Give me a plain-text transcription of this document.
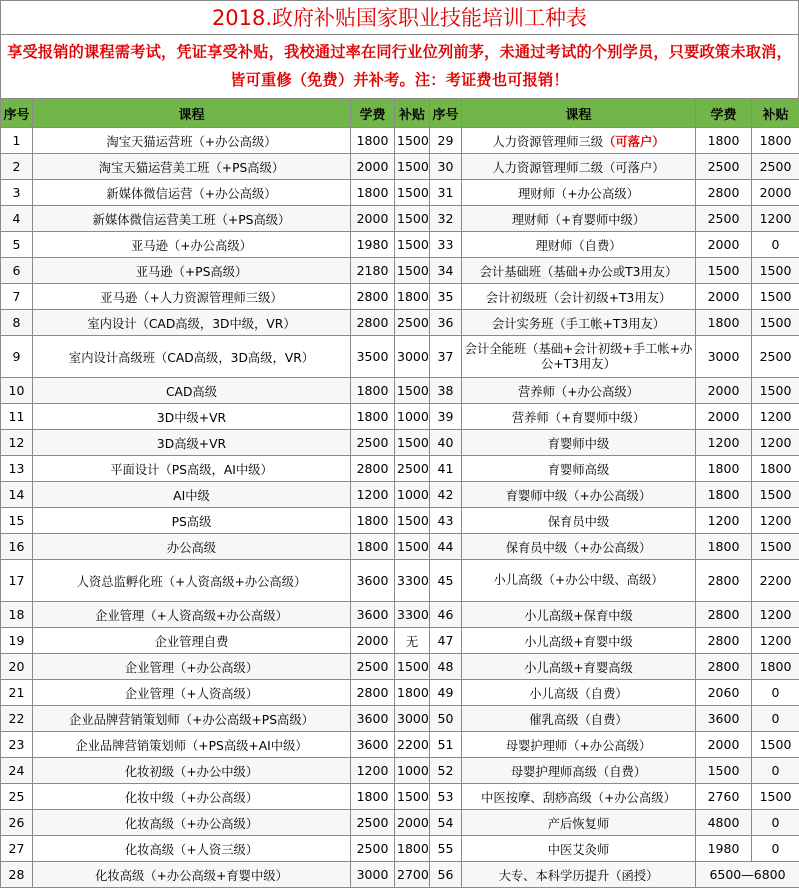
2018.政府补贴国家职业技能培训工种表
享受报销的课程需考试，凭证享受补贴，我校通过率在同行业位列前茅，未通过考试的个别学员，只要政策未取消，皆可重修（免费）并补考。注：考证费也可报销！
序号	课程	学费	补贴	序号	课程	学费	补贴
1	淘宝天猫运营班（+办公高级）	1800	1500	29	人力资源管理师三级（可落户）	1800	1800
2	淘宝天猫运营美工班（+PS高级）	2000	1500	30	人力资源管理师二级（可落户）	2500	2500
3	新媒体微信运营（+办公高级）	1800	1500	31	理财师（+办公高级）	2800	2000
4	新媒体微信运营美工班（+PS高级）	2000	1500	32	理财师（+育婴师中级）	2500	1200
5	亚马逊（+办公高级）	1980	1500	33	理财师（自费）	2000	0
6	亚马逊（+PS高级）	2180	1500	34	会计基础班（基础+办公或T3用友）	1500	1500
7	亚马逊（+人力资源管理师三级）	2800	1800	35	会计初级班（会计初级+T3用友）	2000	1500
8	室内设计（CAD高级，3D中级，VR）	2800	2500	36	会计实务班（手工帐+T3用友）	1800	1500
9	室内设计高级班（CAD高级，3D高级，VR）	3500	3000	37	会计全能班（基础+会计初级+手工帐+办公+T3用友）	3000	2500
10	CAD高级	1800	1500	38	营养师（+办公高级）	2000	1500
11	3D中级+VR	1800	1000	39	营养师（+育婴师中级）	2000	1200
12	3D高级+VR	2500	1500	40	育婴师中级	1200	1200
13	平面设计（PS高级，AI中级）	2800	2500	41	育婴师高级	1800	1800
14	AI中级	1200	1000	42	育婴师中级（+办公高级）	1800	1500
15	PS高级	1800	1500	43	保育员中级	1200	1200
16	办公高级	1800	1500	44	保育员中级（+办公高级）	1800	1500
17	人资总监孵化班（+人资高级+办公高级）	3600	3300	45	小儿高级（+办公中级、高级）	2800	2200
18	企业管理（+人资高级+办公高级）	3600	3300	46	小儿高级+保育中级	2800	1200
19	企业管理自费	2000	无	47	小儿高级+育婴中级	2800	1200
20	企业管理（+办公高级）	2500	1500	48	小儿高级+育婴高级	2800	1800
21	企业管理（+人资高级）	2800	1800	49	小儿高级（自费）	2060	0
22	企业品牌营销策划师（+办公高级+PS高级）	3600	3000	50	催乳高级（自费）	3600	0
23	企业品牌营销策划师（+PS高级+AI中级）	3600	2200	51	母婴护理师（+办公高级）	2000	1500
24	化妆初级（+办公中级）	1200	1000	52	母婴护理师高级（自费）	1500	0
25	化妆中级（+办公高级）	1800	1500	53	中医按摩、刮痧高级（+办公高级）	2760	1500
26	化妆高级（+办公高级）	2500	2000	54	产后恢复师	4800	0
27	化妆高级（+人资三级）	2500	1800	55	中医艾灸师	1980	0
28	化妆高级（+办公高级+育婴中级）	3000	2700	56	大专、本科学历提升（函授）	6500—6800	
